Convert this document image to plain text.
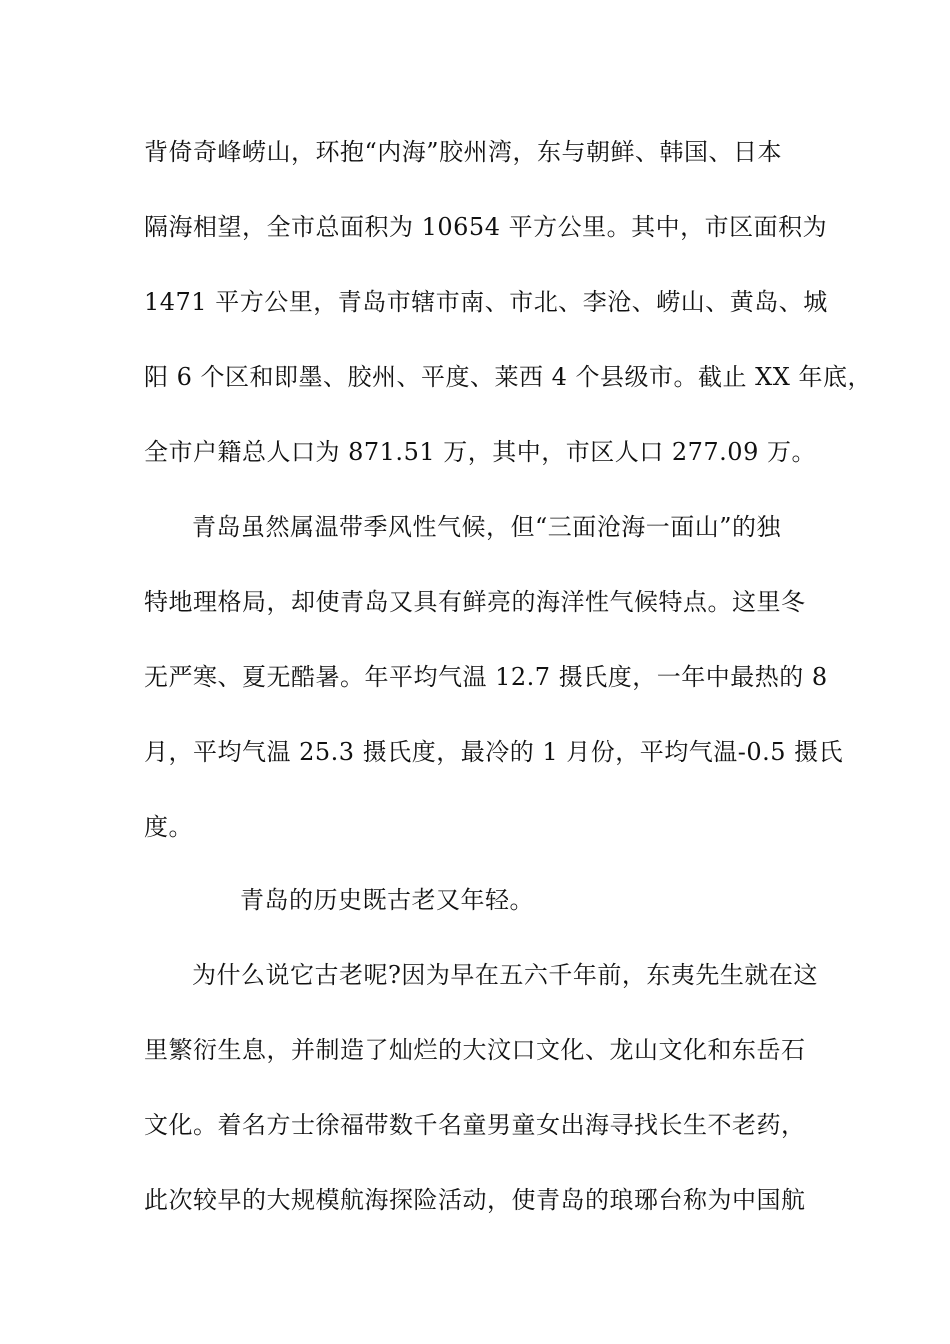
背倚奇峰崂山，环抱“内海”胶州湾，东与朝鲜、韩国、日本
隔海相望，全市总面积为 10654 平方公里。其中，市区面积为
1471 平方公里，青岛市辖市南、市北、李沧、崂山、黄岛、城
阳 6 个区和即墨、胶州、平度、莱西 4 个县级市。截止 XX 年底，
全市户籍总人口为 871.51 万，其中，市区人口 277.09 万。
青岛虽然属温带季风性气候，但“三面沧海一面山”的独
特地理格局，却使青岛又具有鲜亮的海洋性气候特点。这里冬
无严寒、夏无酷暑。年平均气温 12.7 摄氏度，一年中最热的 8
月，平均气温 25.3 摄氏度，最冷的 1 月份，平均气温-0.5 摄氏
度。
青岛的历史既古老又年轻。
为什么说它古老呢?因为早在五六千年前，东夷先生就在这
里繁衍生息，并制造了灿烂的大汶口文化、龙山文化和东岳石
文化。着名方士徐福带数千名童男童女出海寻找长生不老药，
此次较早的大规模航海探险活动，使青岛的琅琊台称为中国航
